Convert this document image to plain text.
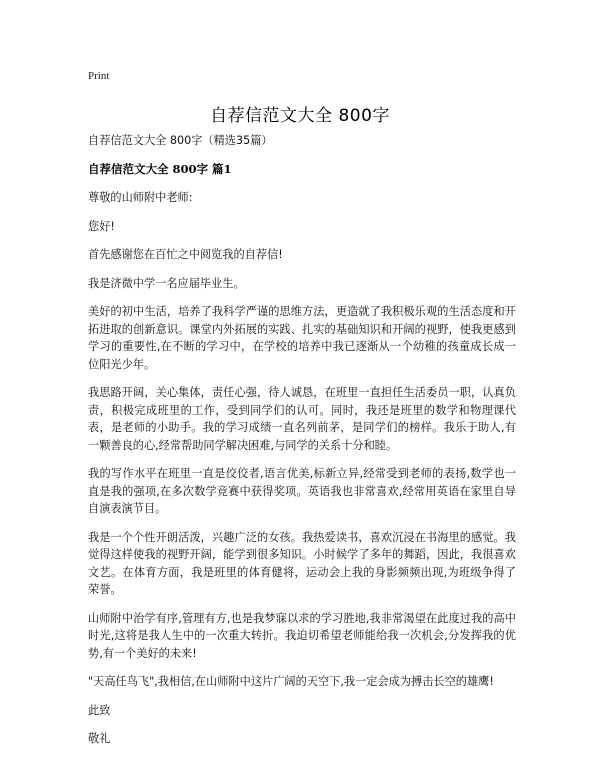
Print
自荐信范文大全 800字

自荐信范文大全 800字（精选35篇）

自荐信范文大全 800字 篇1

尊敬的山师附中老师:

您好!

首先感谢您在百忙之中阅览我的自荐信!

我是济微中学一名应届毕业生。

美好的初中生活，培养了我科学严谨的思维方法，更造就了我积极乐观的生活态度和开拓进取的创新意识。课堂内外拓展的实践、扎实的基础知识和开阔的视野，使我更感到学习的重要性,在不断的学习中，在学校的培养中我已逐渐从一个幼稚的孩童成长成一位阳光少年。

我思路开阔，关心集体，责任心强，待人诚恳，在班里一直担任生活委员一职，认真负责，积极完成班里的工作，受到同学们的认可。同时，我还是班里的数学和物理课代表，是老师的小助手。我的学习成绩一直名列前茅，是同学们的榜样。我乐于助人,有一颗善良的心,经常帮助同学解决困难,与同学的关系十分和睦。

我的写作水平在班里一直是佼佼者,语言优美,标新立异,经常受到老师的表扬,数学也一直是我的强项,在多次数学竞赛中获得奖项。英语我也非常喜欢,经常用英语在家里自导自演表演节目。

我是一个个性开朗活泼，兴趣广泛的女孩。我热爱读书，喜欢沉浸在书海里的感觉。我觉得这样使我的视野开阔，能学到很多知识。小时候学了多年的舞蹈，因此，我很喜欢文艺。在体育方面，我是班里的体育健将，运动会上我的身影频频出现,为班级争得了荣誉。

山师附中治学有序,管理有方,也是我梦寐以求的学习胜地,我非常渴望在此度过我的高中时光,这将是我人生中的一次重大转折。我迫切希望老师能给我一次机会,分发挥我的优势,有一个美好的未来!

"天高任鸟飞",我相信,在山师附中这片广阔的天空下,我一定会成为搏击长空的雄鹰!

此致

敬礼
